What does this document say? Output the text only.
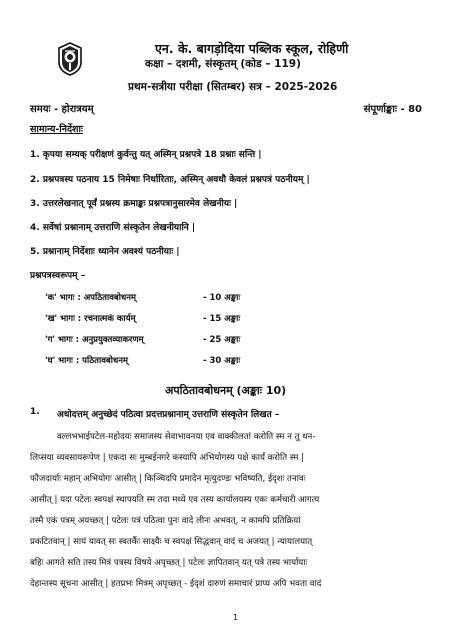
एन. के. बागड़ोदिया पब्लिक स्कूल, रोहिणी
कक्षा – दशमी, संस्कृतम् (कोड – 119)
प्रथम-सत्रीया परीक्षा (सितम्बर) सत्र – 2025-2026
समयः - होरात्रयम्	संपूर्णाङ्काः - 80
सामान्य-निर्देशाः
1. कृपया सम्यक् परीक्षणं कुर्वन्तु यत् अस्मिन् प्रश्नपत्रे 18 प्रश्नाः सन्ति |
2. प्रश्नपत्रस्य पठनाय 15 निमेषाः निर्धारिताः, अस्मिन् अवधौ केवलं प्रश्नपत्रं पठनीयम् |
3. उत्तरलेखनात् पूर्वं प्रश्नस्य क्रमाङ्कः प्रश्नपत्रानुसारमेव लेखनीयः |
4. सर्वेषां प्रश्नानाम् उत्तराणि संस्कृतेन लेखनीयानि |
5. प्रश्नानाम् निर्देशाः ध्यानेन अवश्यं पठनीयाः |
प्रश्नपत्रस्वरूपम् –
'क' भागः : अपठितावबोधनम्	- 10 अङ्काः
'ख' भागः : रचनात्मकं कार्यम्	- 15 अङ्काः
'ग' भागः : अनुप्रयुक्तव्याकरणम्	- 25 अङ्काः
'घ' भागः : पठितावबोधनम्	- 30 अङ्काः
अपठितावबोधनम् (अङ्काः 10)
1. अधोदत्तम् अनुच्छेदं पठित्वा प्रदत्तप्रश्नानाम् उत्तराणि संस्कृतेन लिखत –
वल्लभभाईपटेल-महोदयः समाजस्य सेवाभावनया एव वाक्कीलतां करोति स्म न तु धन-
लिप्सया व्यवसायरूपेण | एकदा सः मुम्बईनगरे कस्यापि अभियोगस्य पक्षे कार्यं करोति स्म |
फौजदार्याः महान् अभियोगः आसीत् | किञ्चिदपि प्रमादेन मृत्युदण्डः भविष्यति, ईदृशः तनावः
आसीत् | यदा पटेलः स्वपक्षं स्थापयति स्म तदा मध्ये एव तस्य कार्यालयस्य एकः कर्मचारी आगत्य
तस्मै एकं पत्रम् अयच्छत् | पटेलः पत्रं पठित्वा पुनः वादे लीनः अभवत्, न कामपि प्रतिक्रियां
प्रकटितवान् | सायं यावत् सः स्वतर्कैः साक्ष्यैः च स्वपक्षं सिद्धवान् वादं च अजयत् | न्यायालयात्
बहिः आगते सति तस्य मित्रं पत्रस्य विषये अपृच्छत् | पटेलः ज्ञापितवान् यत् पत्रे तस्य भार्यायाः
देहान्तस्य सूचना आसीत् | हतप्रभः मित्रम् अपृच्छत् - ईदृशं दारुणं समाचारं प्राप्य अपि भवता वादं
1
